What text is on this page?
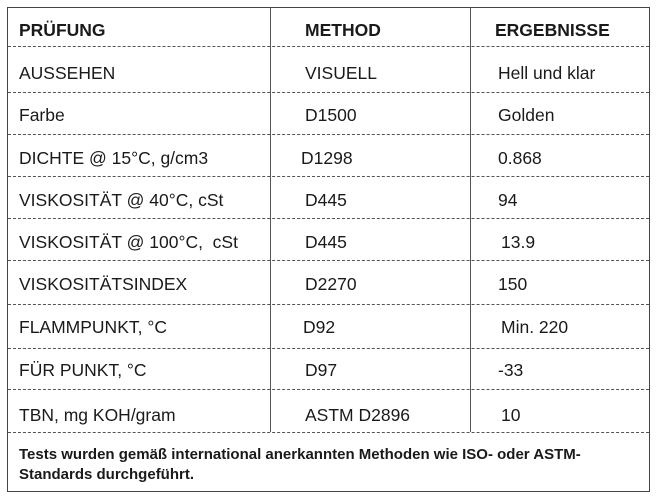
PRÜFUNG	METHOD	ERGEBNISSE
AUSSEHEN	VISUELL	Hell und klar
Farbe	D1500	Golden
DICHTE @ 15°C, g/cm3	D1298	0.868
VISKOSITÄT @ 40°C, cSt	D445	94
VISKOSITÄT @ 100°C,  cSt	D445	13.9
VISKOSITÄTSINDEX	D2270	150
FLAMMPUNKT, °C	D92	Min. 220
FÜR PUNKT, °C	D97	-33
TBN, mg KOH/gram	ASTM D2896	10
Tests wurden gemäß international anerkannten Methoden wie ISO- oder ASTM-Standards durchgeführt.
